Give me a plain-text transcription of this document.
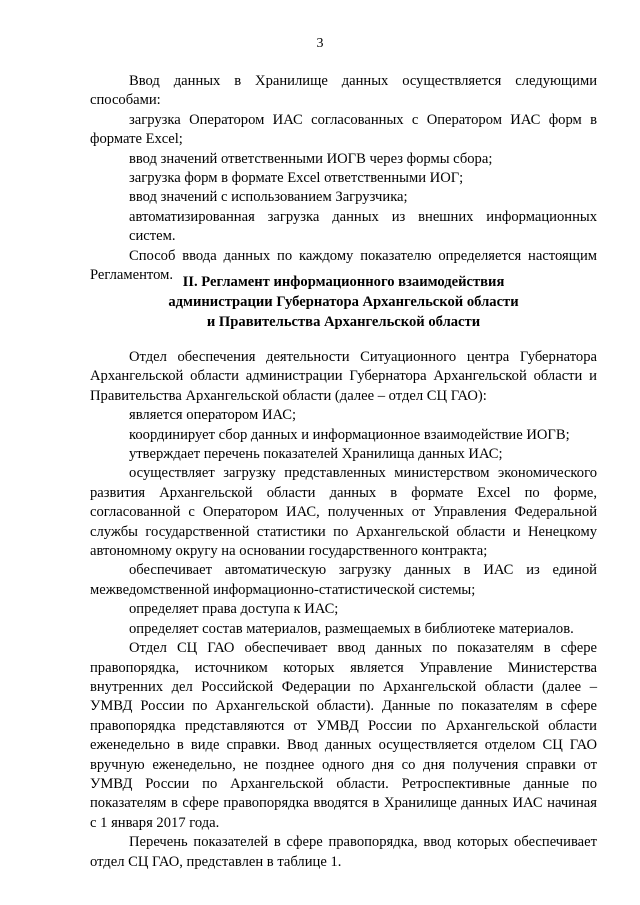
3

Ввод данных в Хранилище данных осуществляется следующими способами:

загрузка Оператором ИАС согласованных с Оператором ИАС форм в формате Excel;

ввод значений ответственными ИОГВ через формы сбора;

загрузка форм в формате Excel ответственными ИОГ;

ввод значений с использованием Загрузчика;

автоматизированная загрузка данных из внешних информационных систем.

Способ ввода данных по каждому показателю определяется настоящим Регламентом. II. Регламент информационного взаимодействия

администрации Губернатора Архангельской области

и Правительства Архангельской области

Отдел обеспечения деятельности Ситуационного центра Губернатора Архангельской области администрации Губернатора Архангельской области и Правительства Архангельской области (далее – отдел СЦ ГАО):

является оператором ИАС;

координирует сбор данных и информационное взаимодействие ИОГВ;

утверждает перечень показателей Хранилища данных ИАС;

осуществляет загрузку представленных министерством экономического развития Архангельской области данных в формате Excel по форме, согласованной с Оператором ИАС, полученных от Управления Федеральной службы государственной статистики по Архангельской области и Ненецкому автономному округу на основании государственного контракта;

обеспечивает автоматическую загрузку данных в ИАС из единой межведомственной информационно-статистической системы;

определяет права доступа к ИАС;

определяет состав материалов, размещаемых в библиотеке материалов.

Отдел СЦ ГАО обеспечивает ввод данных по показателям в сфере правопорядка, источником которых является Управление Министерства внутренних дел Российской Федерации по Архангельской области (далее – УМВД России по Архангельской области). Данные по показателям в сфере правопорядка представляются от УМВД России по Архангельской области еженедельно в виде справки. Ввод данных осуществляется отделом СЦ ГАО вручную еженедельно, не позднее одного дня со дня получения справки от УМВД России по Архангельской области. Ретроспективные данные по показателям в сфере правопорядка вводятся в Хранилище данных ИАС начиная с 1 января 2017 года.

Перечень показателей в сфере правопорядка, ввод которых обеспечивает отдел СЦ ГАО, представлен в таблице 1.
